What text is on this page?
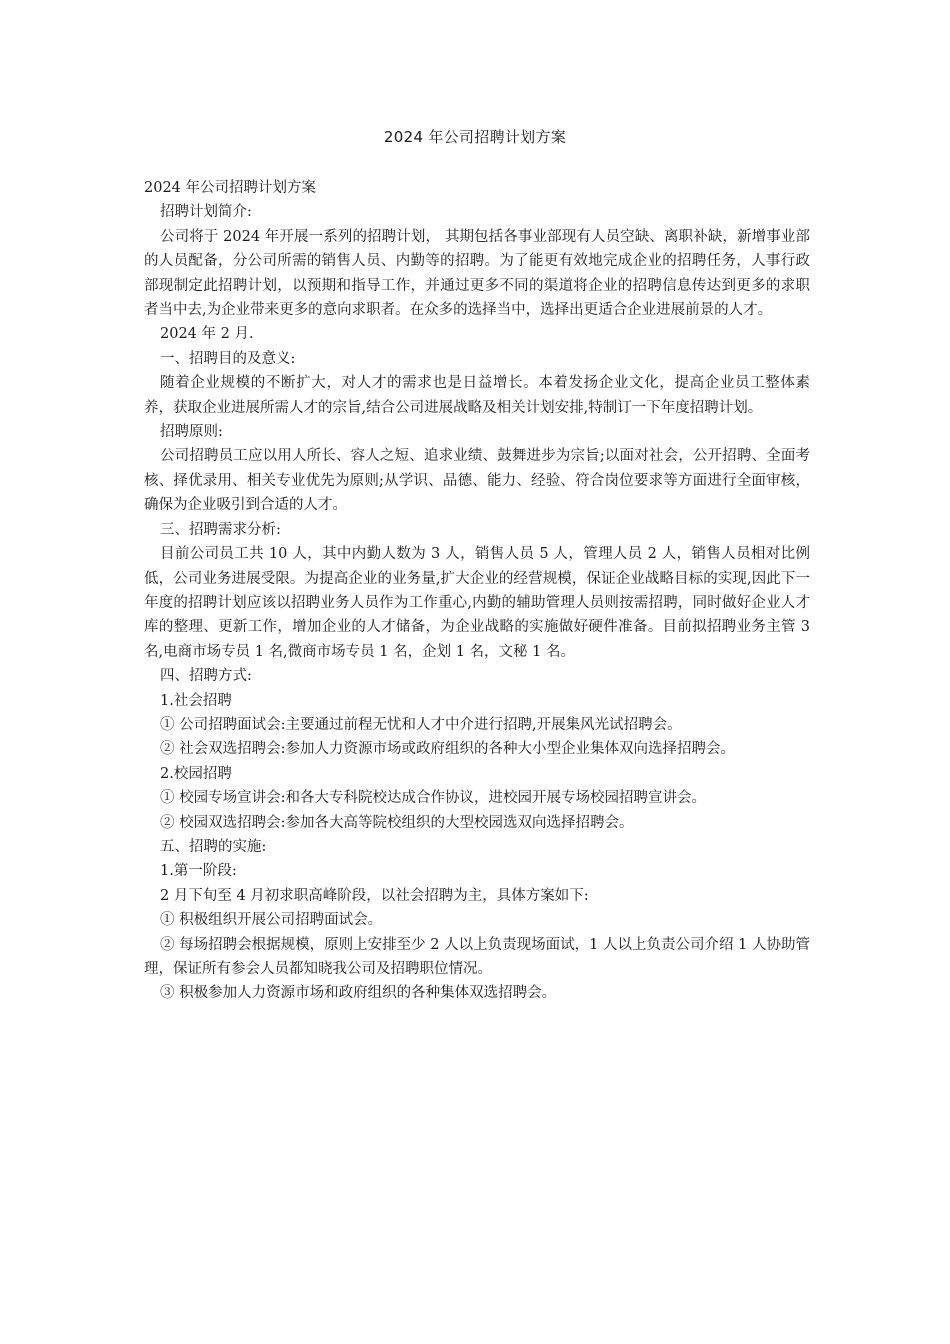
2024 年公司招聘计划方案

2024 年公司招聘计划方案

招聘计划简介:

公司将于 2024 年开展一系列的招聘计划， 其期包括各事业部现有人员空缺、离职补缺，新增事业部的人员配备，分公司所需的销售人员、内勤等的招聘。为了能更有效地完成企业的招聘任务，人事行政部现制定此招聘计划，以预期和指导工作，并通过更多不同的渠道将企业的招聘信息传达到更多的求职者当中去,为企业带来更多的意向求职者。在众多的选择当中，选择出更适合企业进展前景的人才。

2024 年 2 月.

一、招聘目的及意义:

随着企业规模的不断扩大，对人才的需求也是日益增长。本着发扬企业文化，提高企业员工整体素养，获取企业进展所需人才的宗旨,结合公司进展战略及相关计划安排,特制订一下年度招聘计划。

招聘原则:

公司招聘员工应以用人所长、容人之短、追求业绩、鼓舞进步为宗旨;以面对社会，公开招聘、全面考核、择优录用、相关专业优先为原则;从学识、品德、能力、经验、符合岗位要求等方面进行全面审核，确保为企业吸引到合适的人才。

三、招聘需求分析:

目前公司员工共 10 人，其中内勤人数为 3 人，销售人员 5 人，管理人员 2 人，销售人员相对比例低，公司业务进展受限。为提高企业的业务量,扩大企业的经营规模，保证企业战略目标的实现,因此下一年度的招聘计划应该以招聘业务人员作为工作重心,内勤的辅助管理人员则按需招聘，同时做好企业人才库的整理、更新工作，增加企业的人才储备，为企业战略的实施做好硬件准备。目前拟招聘业务主管 3 名,电商市场专员 1 名,微商市场专员 1 名，企划 1 名，文秘 1 名。

四、招聘方式:

1.社会招聘

① 公司招聘面试会:主要通过前程无忧和人才中介进行招聘,开展集风光试招聘会。

② 社会双选招聘会:参加人力资源市场或政府组织的各种大小型企业集体双向选择招聘会。

2.校园招聘

① 校园专场宣讲会:和各大专科院校达成合作协议，进校园开展专场校园招聘宣讲会。

② 校园双选招聘会:参加各大高等院校组织的大型校园选双向选择招聘会。

五、招聘的实施:

1.第一阶段:

2 月下旬至 4 月初求职高峰阶段，以社会招聘为主，具体方案如下:

① 积极组织开展公司招聘面试会。

② 每场招聘会根据规模，原则上安排至少 2 人以上负责现场面试，1 人以上负责公司介绍 1 人协助管理，保证所有参会人员都知晓我公司及招聘职位情况。

③ 积极参加人力资源市场和政府组织的各种集体双选招聘会。
